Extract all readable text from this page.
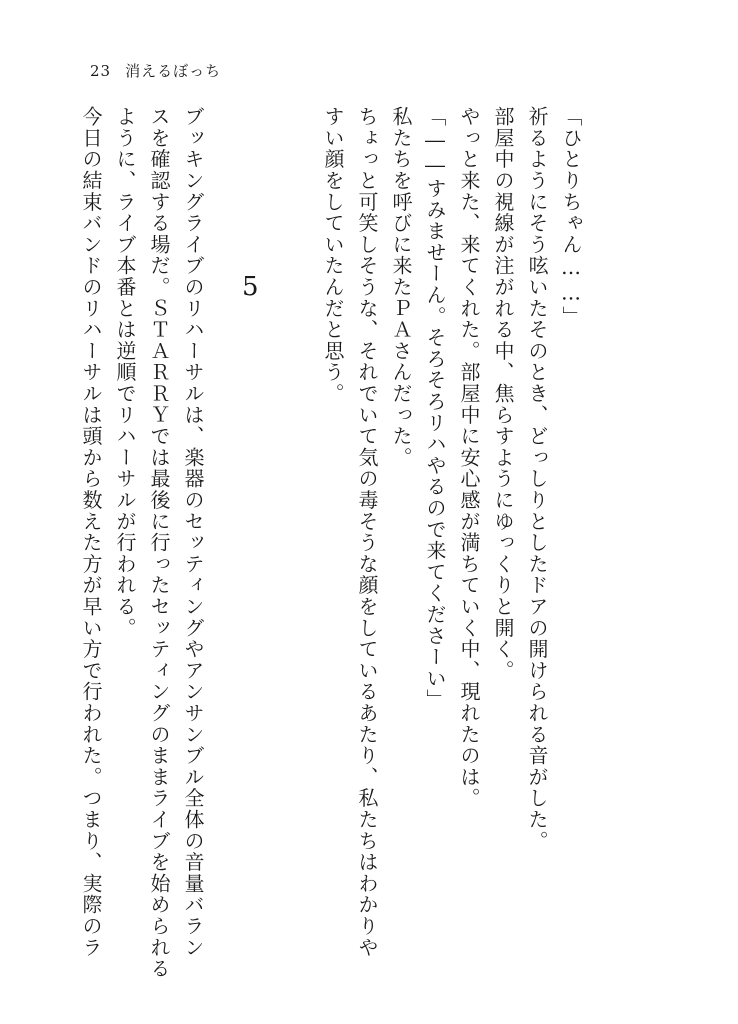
23 消えるぼっち
「ひとりちゃん……」
祈るようにそう呟いたそのとき、どっしりとしたドアの開けられる音がした。
部屋中の視線が注がれる中、焦らすようにゆっくりと開く。
やっと来た、来てくれた。部屋中に安心感が満ちていく中、現れたのは。
「――すみませーん。そろそろリハやるので来てくださーい」
私たちを呼びに来たＰＡさんだった。
ちょっと可笑しそうな、それでいて気の毒そうな顔をしているあたり、私たちはわかりや
すい顔をしていたんだと思う。
5
ブッキングライブのリハーサルは、楽器のセッティングやアンサンブル全体の音量バラン
スを確認する場だ。ＳＴＡＲＲＹでは最後に行ったセッティングのままライブを始められる
ように、ライブ本番とは逆順でリハーサルが行われる。
今日の結束バンドのリハーサルは頭から数えた方が早い方で行われた。つまり、実際のラ
